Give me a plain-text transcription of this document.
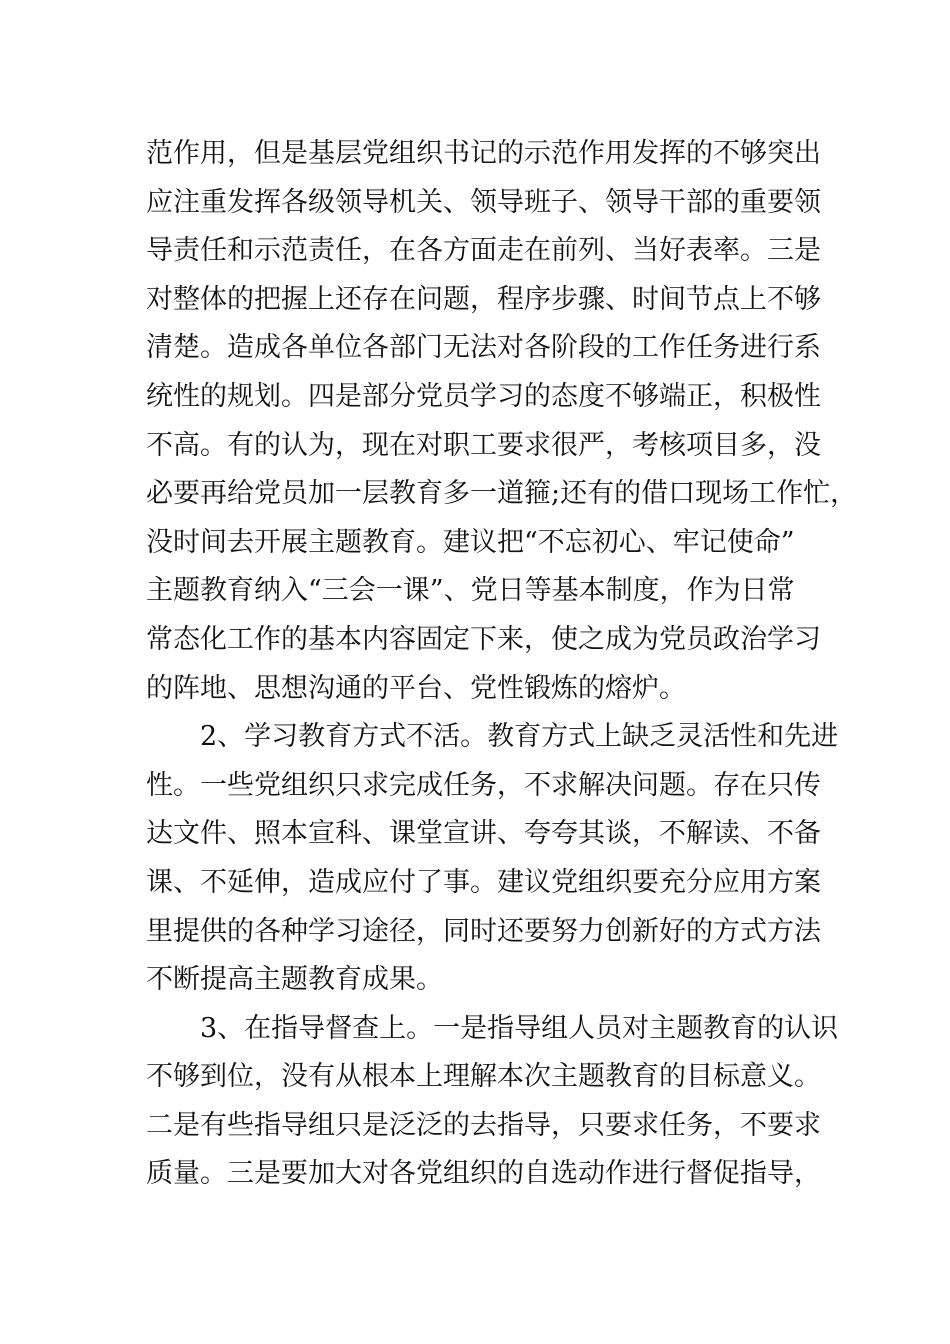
范作用，但是基层党组织书记的示范作用发挥的不够突出
应注重发挥各级领导机关、领导班子、领导干部的重要领
导责任和示范责任，在各方面走在前列、当好表率。三是
对整体的把握上还存在问题，程序步骤、时间节点上不够
清楚。造成各单位各部门无法对各阶段的工作任务进行系
统性的规划。四是部分党员学习的态度不够端正，积极性
不高。有的认为，现在对职工要求很严，考核项目多，没
必要再给党员加一层教育多一道箍;还有的借口现场工作忙，
没时间去开展主题教育。建议把“不忘初心、牢记使命”
主题教育纳入“三会一课”、党日等基本制度，作为日常
常态化工作的基本内容固定下来，使之成为党员政治学习
的阵地、思想沟通的平台、党性锻炼的熔炉。
2、学习教育方式不活。教育方式上缺乏灵活性和先进
性。一些党组织只求完成任务，不求解决问题。存在只传
达文件、照本宣科、课堂宣讲、夸夸其谈，不解读、不备
课、不延伸，造成应付了事。建议党组织要充分应用方案
里提供的各种学习途径，同时还要努力创新好的方式方法
不断提高主题教育成果。
3、在指导督查上。一是指导组人员对主题教育的认识
不够到位，没有从根本上理解本次主题教育的目标意义。
二是有些指导组只是泛泛的去指导，只要求任务，不要求
质量。三是要加大对各党组织的自选动作进行督促指导，
